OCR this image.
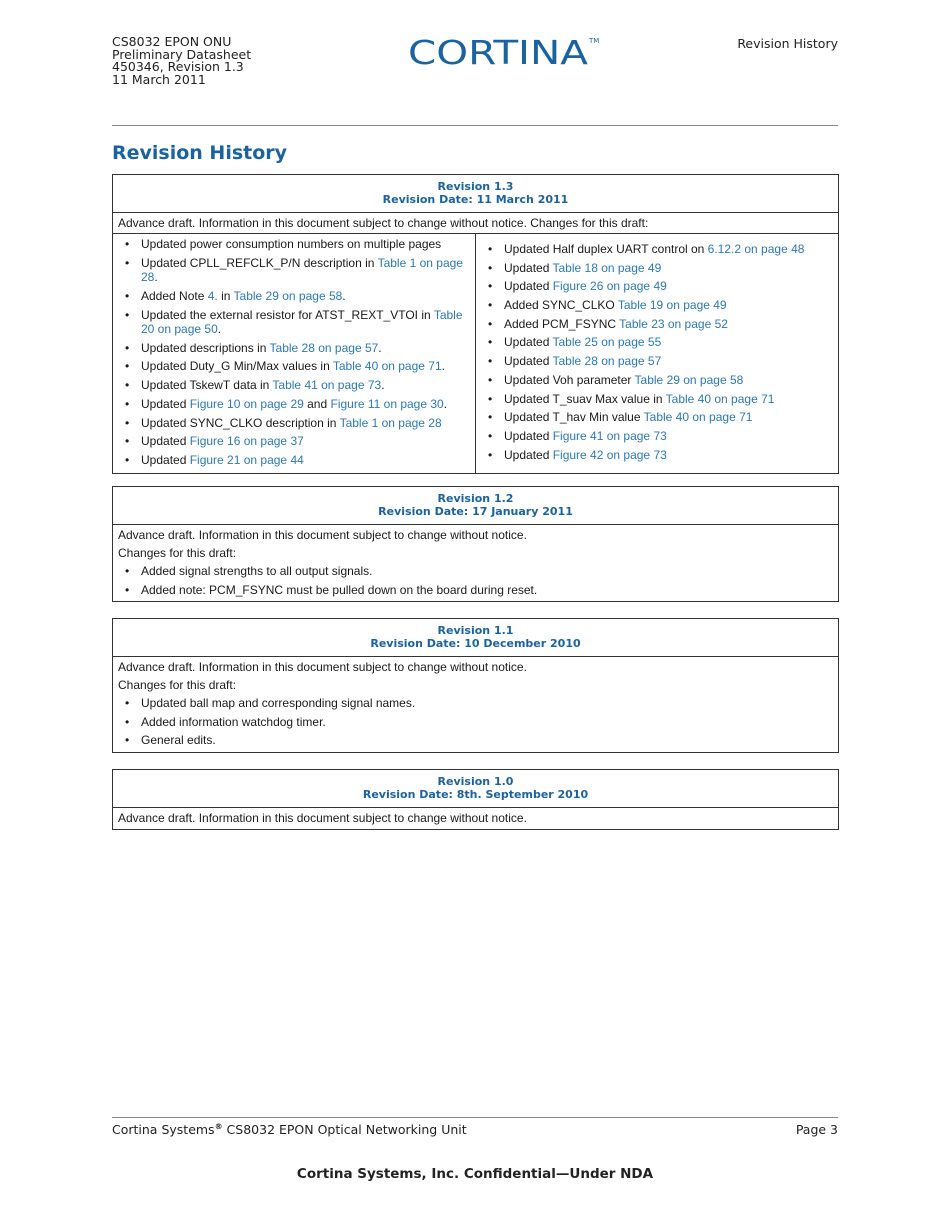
CS8032 EPON ONU
Preliminary Datasheet
450346, Revision 1.3
11 March 2011
CORTINA TM	Revision History
Revision History
Revision 1.3
Revision Date: 11 March 2011
Advance draft. Information in this document subject to change without notice. Changes for this draft:
• Updated power consumption numbers on multiple pages
• Updated CPLL_REFCLK_P/N description in Table 1 on page 28.
• Added Note 4. in Table 29 on page 58.
• Updated the external resistor for ATST_REXT_VTOI in Table 20 on page 50.
• Updated descriptions in Table 28 on page 57.
• Updated Duty_G Min/Max values in Table 40 on page 71.
• Updated TskewT data in Table 41 on page 73.
• Updated Figure 10 on page 29 and Figure 11 on page 30.
• Updated SYNC_CLKO description in Table 1 on page 28
• Updated Figure 16 on page 37
• Updated Figure 21 on page 44
• Updated Half duplex UART control on 6.12.2 on page 48
• Updated Table 18 on page 49
• Updated Figure 26 on page 49
• Added SYNC_CLKO Table 19 on page 49
• Added PCM_FSYNC Table 23 on page 52
• Updated Table 25 on page 55
• Updated Table 28 on page 57
• Updated Voh parameter Table 29 on page 58
• Updated T_suav Max value in Table 40 on page 71
• Updated T_hav Min value Table 40 on page 71
• Updated Figure 41 on page 73
• Updated Figure 42 on page 73
Revision 1.2
Revision Date: 17 January 2011
Advance draft. Information in this document subject to change without notice.
Changes for this draft:
• Added signal strengths to all output signals.
• Added note: PCM_FSYNC must be pulled down on the board during reset.
Revision 1.1
Revision Date: 10 December 2010
Advance draft. Information in this document subject to change without notice.
Changes for this draft:
• Updated ball map and corresponding signal names.
• Added information watchdog timer.
• General edits.
Revision 1.0
Revision Date: 8th. September 2010
Advance draft. Information in this document subject to change without notice.
Cortina Systems® CS8032 EPON Optical Networking Unit	Page 3
Cortina Systems, Inc. Confidential—Under NDA
